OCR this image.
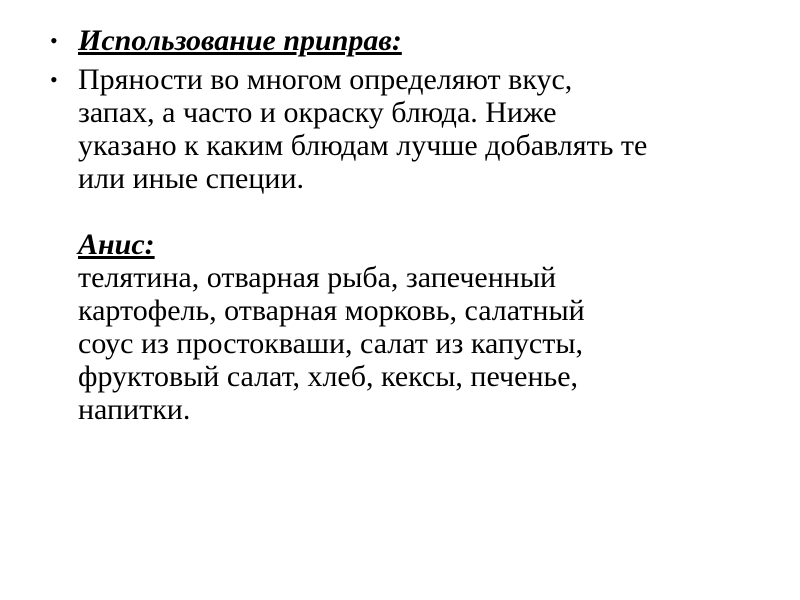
• Использование приправ:
• Пряности во многом определяют вкус,
запах, а часто и окраску блюда. Ниже
указано к каким блюдам лучше добавлять те
или иные специи.
Анис:
телятина, отварная рыба, запеченный
картофель, отварная морковь, салатный
соус из простокваши, салат из капусты,
фруктовый салат, хлеб, кексы, печенье,
напитки.
